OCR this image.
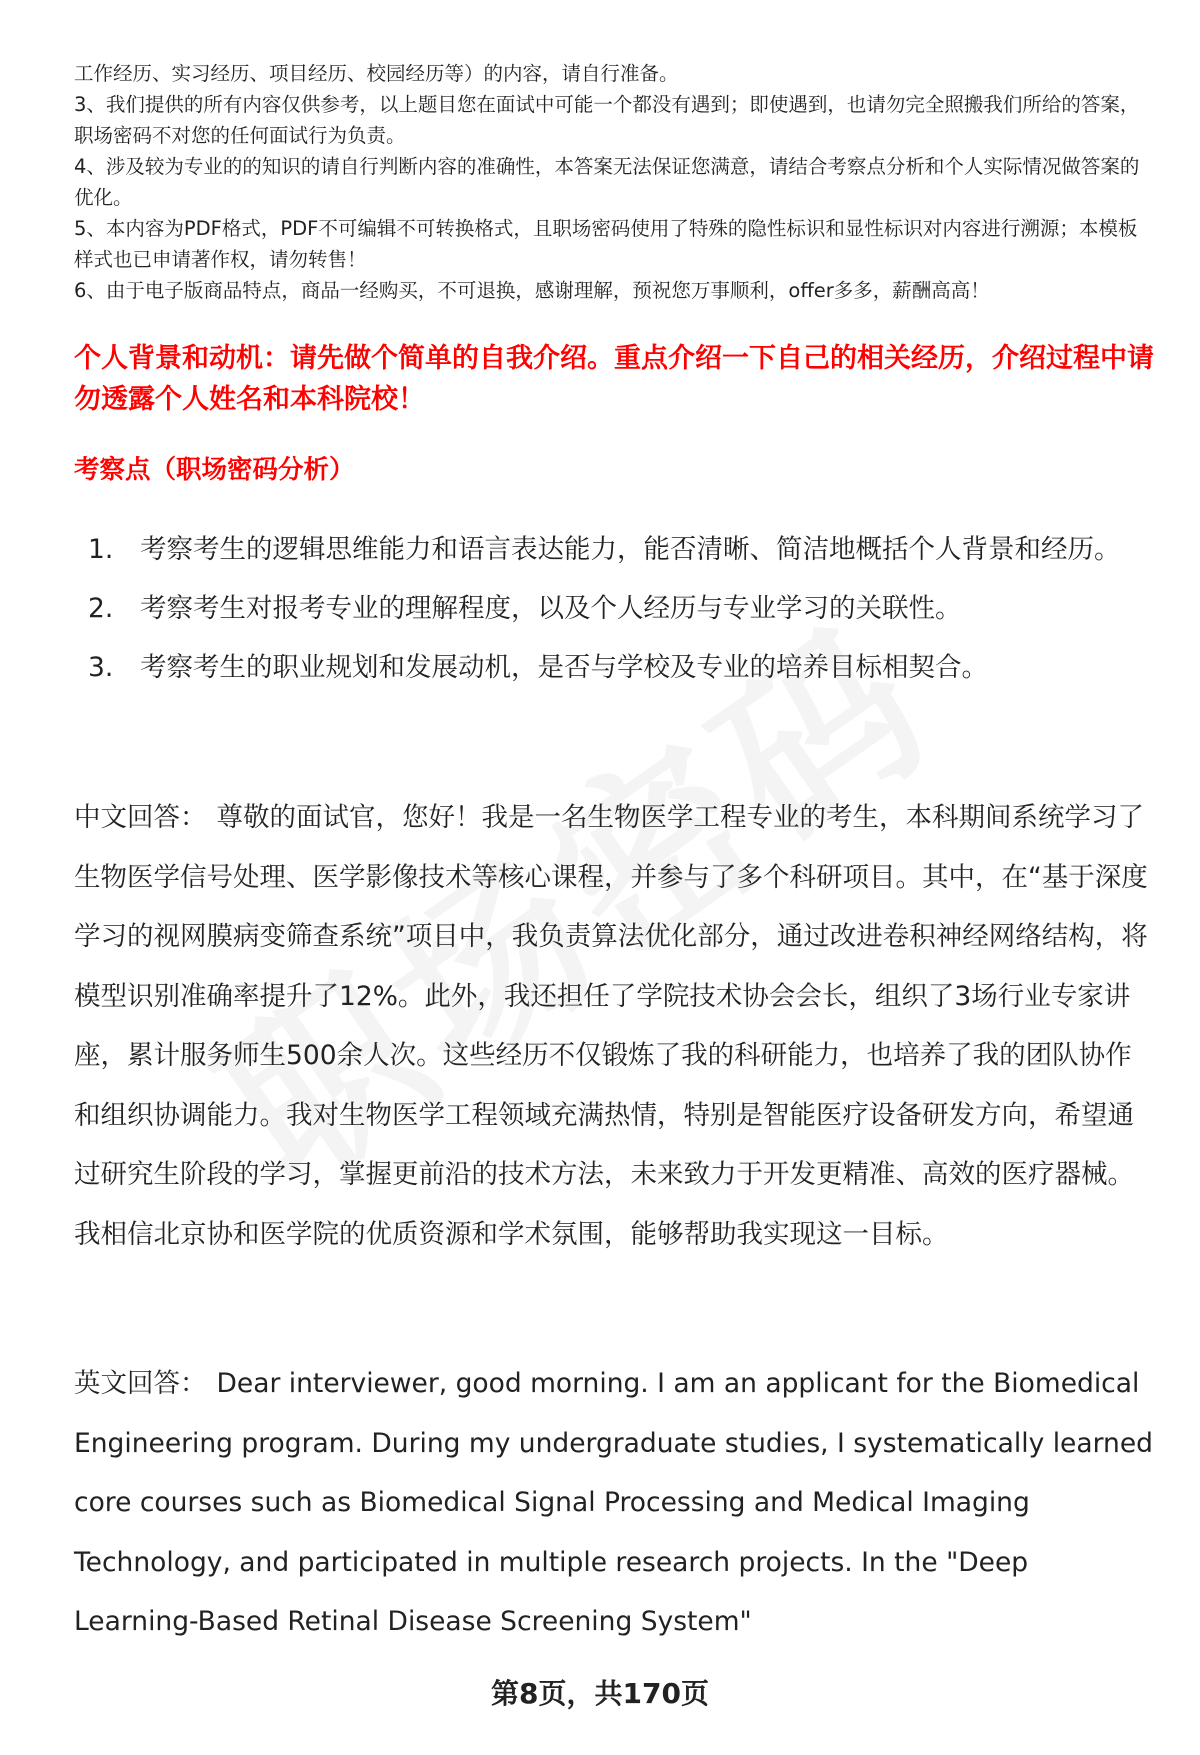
工作经历、实习经历、项目经历、校园经历等）的内容，请自行准备。

3、我们提供的所有内容仅供参考，以上题目您在面试中可能一个都没有遇到；即使遇到，也请勿完全照搬我们所给的答案，职场密码不对您的任何面试行为负责。

4、涉及较为专业的的知识的请自行判断内容的准确性，本答案无法保证您满意，请结合考察点分析和个人实际情况做答案的优化。

5、本内容为PDF格式，PDF不可编辑不可转换格式，且职场密码使用了特殊的隐性标识和显性标识对内容进行溯源；本模板样式也已申请著作权，请勿转售！

6、由于电子版商品特点，商品一经购买，不可退换，感谢理解，预祝您万事顺利，offer多多，薪酬高高！

个人背景和动机：请先做个简单的自我介绍。重点介绍一下自己的相关经历，介绍过程中请勿透露个人姓名和本科院校！

考察点（职场密码分析）

1.	考察考生的逻辑思维能力和语言表达能力，能否清晰、简洁地概括个人背景和经历。
2.	考察考生对报考专业的理解程度，以及个人经历与专业学习的关联性。
3.	考察考生的职业规划和发展动机，是否与学校及专业的培养目标相契合。

中文回答： 尊敬的面试官，您好！我是一名生物医学工程专业的考生，本科期间系统学习了生物医学信号处理、医学影像技术等核心课程，并参与了多个科研项目。其中，在“基于深度学习的视网膜病变筛查系统”项目中，我负责算法优化部分，通过改进卷积神经网络结构，将模型识别准确率提升了12%。此外，我还担任了学院技术协会会长，组织了3场行业专家讲座，累计服务师生500余人次。这些经历不仅锻炼了我的科研能力，也培养了我的团队协作和组织协调能力。我对生物医学工程领域充满热情，特别是智能医疗设备研发方向，希望通过研究生阶段的学习，掌握更前沿的技术方法，未来致力于开发更精准、高效的医疗器械。我相信北京协和医学院的优质资源和学术氛围，能够帮助我实现这一目标。

英文回答： Dear interviewer, good morning. I am an applicant for the Biomedical Engineering program. During my undergraduate studies, I systematically learned core courses such as Biomedical Signal Processing and Medical Imaging Technology, and participated in multiple research projects. In the "Deep Learning-Based Retinal Disease Screening System"

第8页，共170页
